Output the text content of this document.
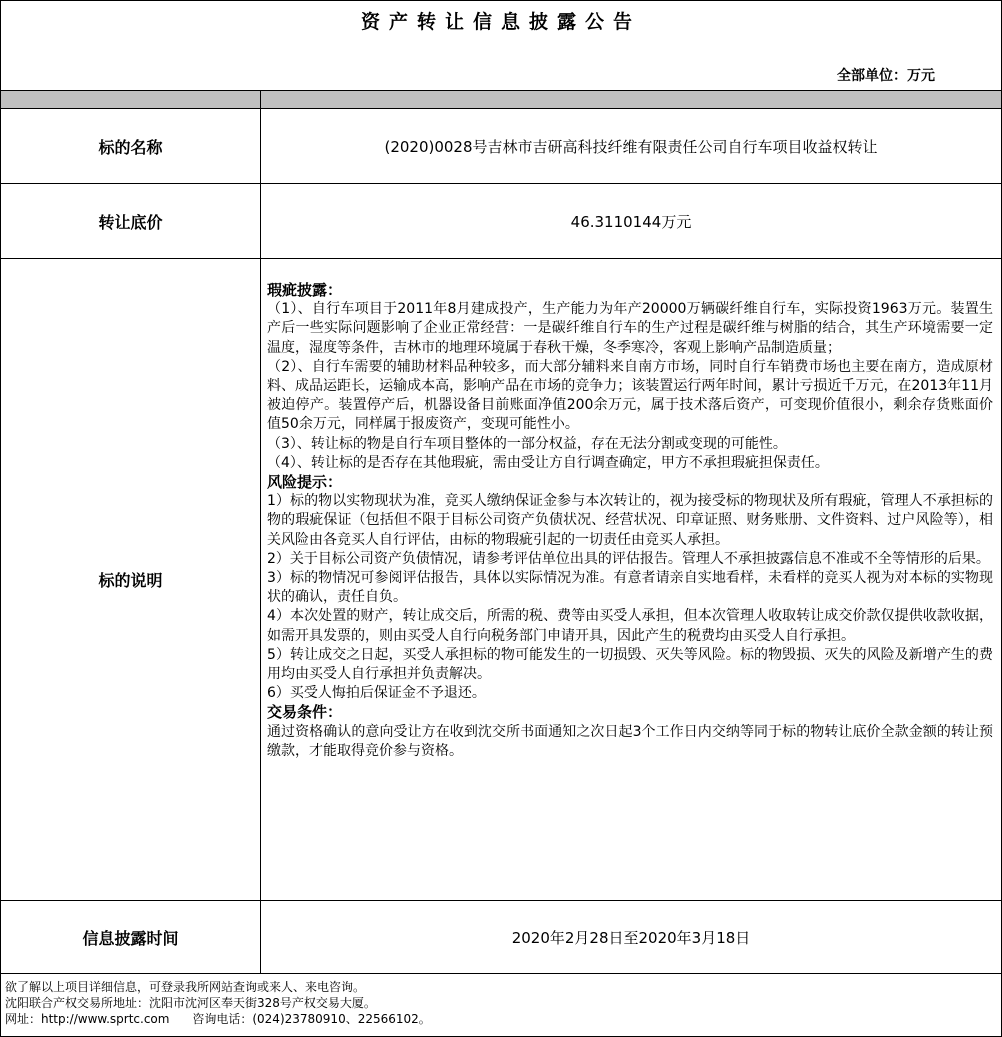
资产转让信息披露公告
全部单位：万元
标的名称	(2020)0028号吉林市吉研高科技纤维有限责任公司自行车项目收益权转让
转让底价	46.3110144万元
标的说明
瑕疵披露：

（1）、自行车项目于2011年8月建成投产，生产能力为年产20000万辆碳纤维自行车，实际投资1963万元。装置生产后一些实际问题影响了企业正常经营：一是碳纤维自行车的生产过程是碳纤维与树脂的结合，其生产环境需要一定温度，湿度等条件，吉林市的地理环境属于春秋干燥，冬季寒冷，客观上影响产品制造质量；

（2）、自行车需要的辅助材料品种较多，而大部分辅料来自南方市场，同时自行车销费市场也主要在南方，造成原材料、成品运距长，运输成本高，影响产品在市场的竞争力；该装置运行两年时间，累计亏损近千万元，在2013年11月被迫停产。装置停产后，机器设备目前账面净值200余万元，属于技术落后资产，可变现价值很小，剩余存货账面价值50余万元，同样属于报废资产，变现可能性小。

（3）、转让标的物是自行车项目整体的一部分权益，存在无法分割或变现的可能性。

（4）、转让标的是否存在其他瑕疵，需由受让方自行调查确定，甲方不承担瑕疵担保责任。

风险提示：

1）标的物以实物现状为准，竞买人缴纳保证金参与本次转让的，视为接受标的物现状及所有瑕疵，管理人不承担标的物的瑕疵保证（包括但不限于目标公司资产负债状况、经营状况、印章证照、财务账册、文件资料、过户风险等），相关风险由各竞买人自行评估，由标的物瑕疵引起的一切责任由竞买人承担。

2）关于目标公司资产负债情况，请参考评估单位出具的评估报告。管理人不承担披露信息不准或不全等情形的后果。

3）标的物情况可参阅评估报告，具体以实际情况为准。有意者请亲自实地看样，未看样的竞买人视为对本标的实物现状的确认，责任自负。

4）本次处置的财产，转让成交后，所需的税、费等由买受人承担，但本次管理人收取转让成交价款仅提供收款收据，如需开具发票的，则由买受人自行向税务部门申请开具，因此产生的税费均由买受人自行承担。

5）转让成交之日起，买受人承担标的物可能发生的一切损毁、灭失等风险。标的物毁损、灭失的风险及新增产生的费用均由买受人自行承担并负责解决。

6）买受人悔拍后保证金不予退还。

交易条件：

通过资格确认的意向受让方在收到沈交所书面通知之次日起3个工作日内交纳等同于标的物转让底价全款金额的转让预缴款，才能取得竞价参与资格。

信息披露时间	2020年2月28日至2020年3月18日
欲了解以上项目详细信息，可登录我所网站查询或来人、来电咨询。
沈阳联合产权交易所地址：沈阳市沈河区奉天街328号产权交易大厦。
网址：http://www.sprtc.com      咨询电话：(024)23780910、22566102。
